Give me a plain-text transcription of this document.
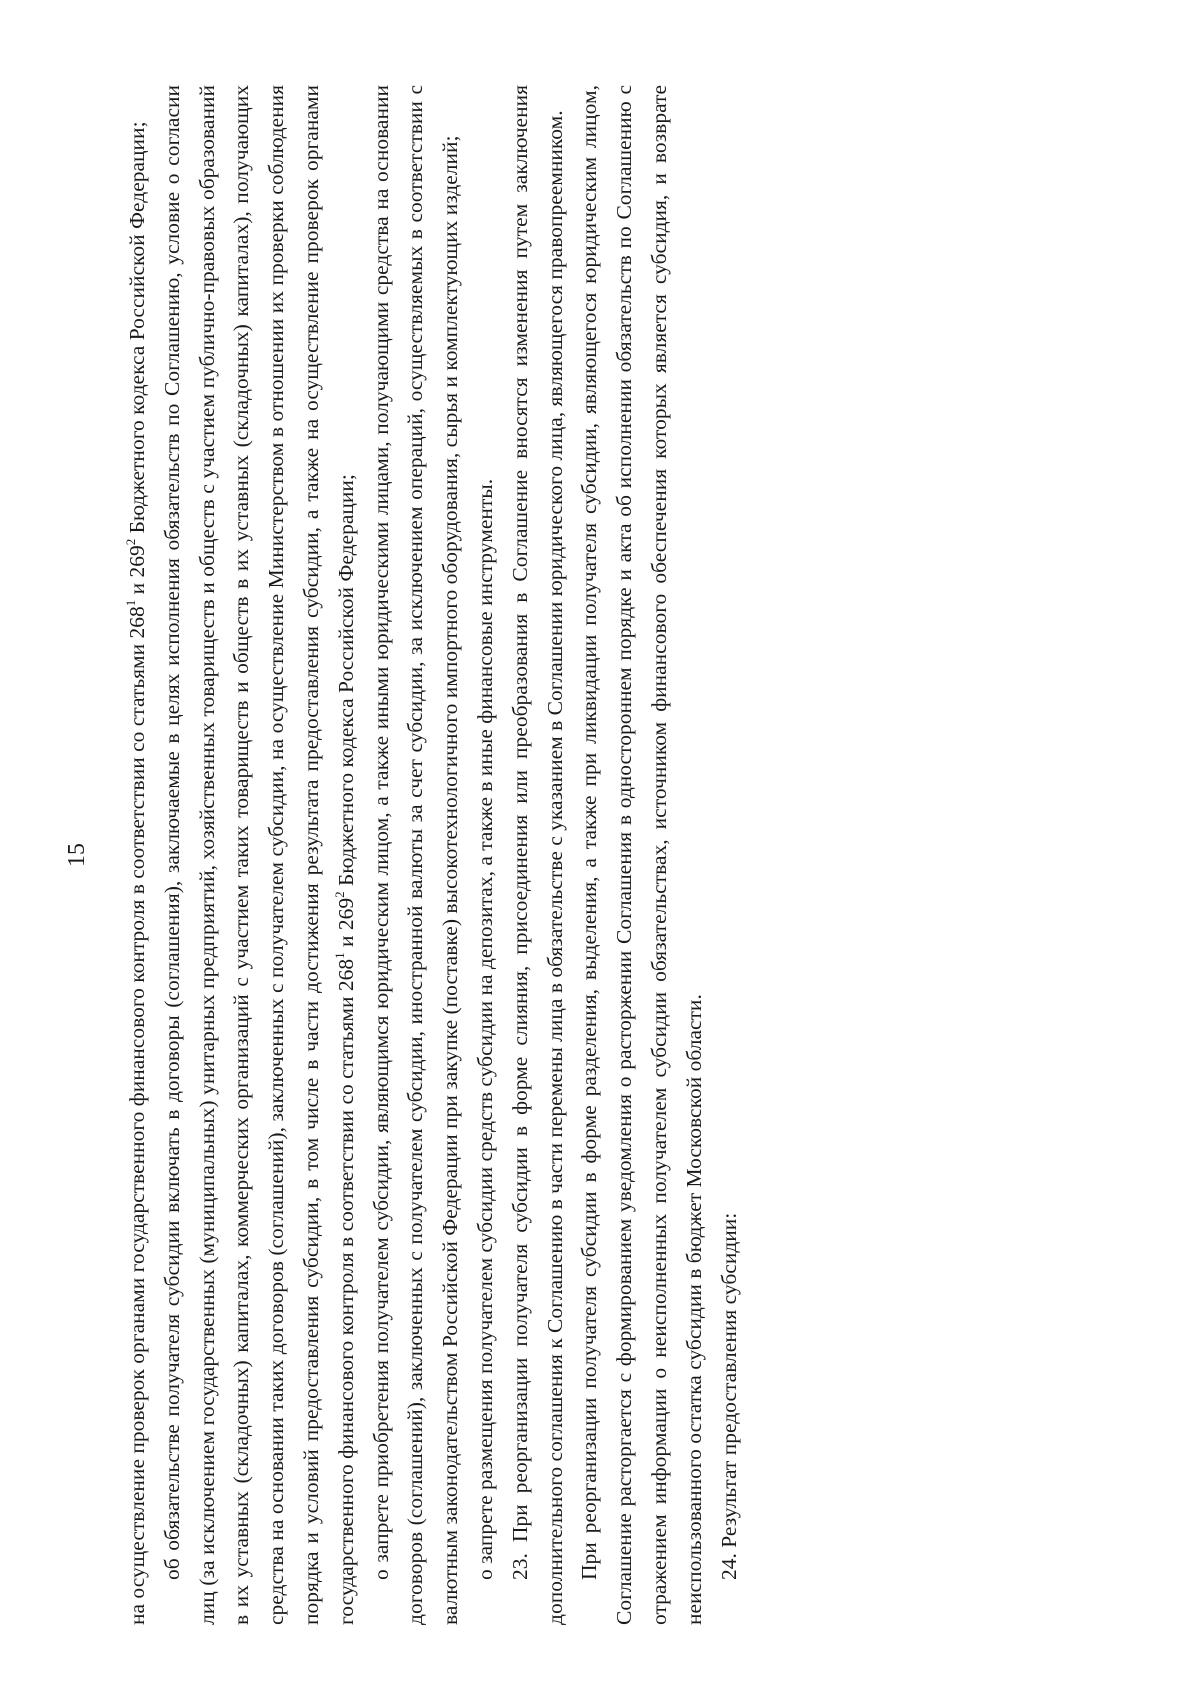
15 на осуществление проверок органами государственного финансового контроля в соответствии со статьями $268^1$ и $269^2$ Бюджетного кодекса Российской Федерации; об обязательстве получателя субсидии включать в договоры (соглашения), заключаемые в целях исполнения обязательств по Соглашению, условие о согласии лиц (за исключением государственных (муниципальных) унитарных предприятий, хозяйственных товариществ и обществ с участием публично-правовых образований в их уставных (складочных) капиталах, коммерческих организаций с участием таких товариществ и обществ в их уставных (складочных) капиталах), получающих средства на основании таких договоров (соглашений), заключенных с получателем субсидии, на осуществление Министерством в отношении их проверки соблюдения порядка и условий предоставления субсидии, в том числе в части достижения результата предоставления субсидии, а также на осуществление проверок органами государственного финансового контроля в соответствии со статьями $268^1$ и $269^2$ Бюджетного кодекса Российской Федерации; о запрете приобретения получателем субсидии, являющимся юридическим лицом, а также иными юридическими лицами, получающими средства на основании договоров (соглашений), заключенных с получателем субсидии, иностранной валюты за счет субсидии, за исключением операций, осуществляемых в соответствии с валютным законодательством Российской Федерации при закупке (поставке) высокотехнологичного импортного оборудования, сырья и комплектующих изделий; о запрете размещения получателем субсидии средств субсидии на депозитах, а также в иные финансовые инструменты. 23. При реорганизации получателя субсидии в форме слияния, присоединения или преобразования в Соглашение вносятся изменения путем заключения дополнительного соглашения к Соглашению в части перемены лица в обязательстве с указанием в Соглашении юридического лица, являющегося правопреемником. При реорганизации получателя субсидии в форме разделения, выделения, а также при ликвидации получателя субсидии, являющегося юридическим лицом, Соглашение расторгается с формированием уведомления о расторжении Соглашения в одностороннем порядке и акта об исполнении обязательств по Соглашению с отражением информации о неисполненных получателем субсидии обязательствах, источником финансового обеспечения которых является субсидия, и возврате неиспользованного остатка субсидии в бюджет Московской области. 24. Результат предоставления субсидии:
